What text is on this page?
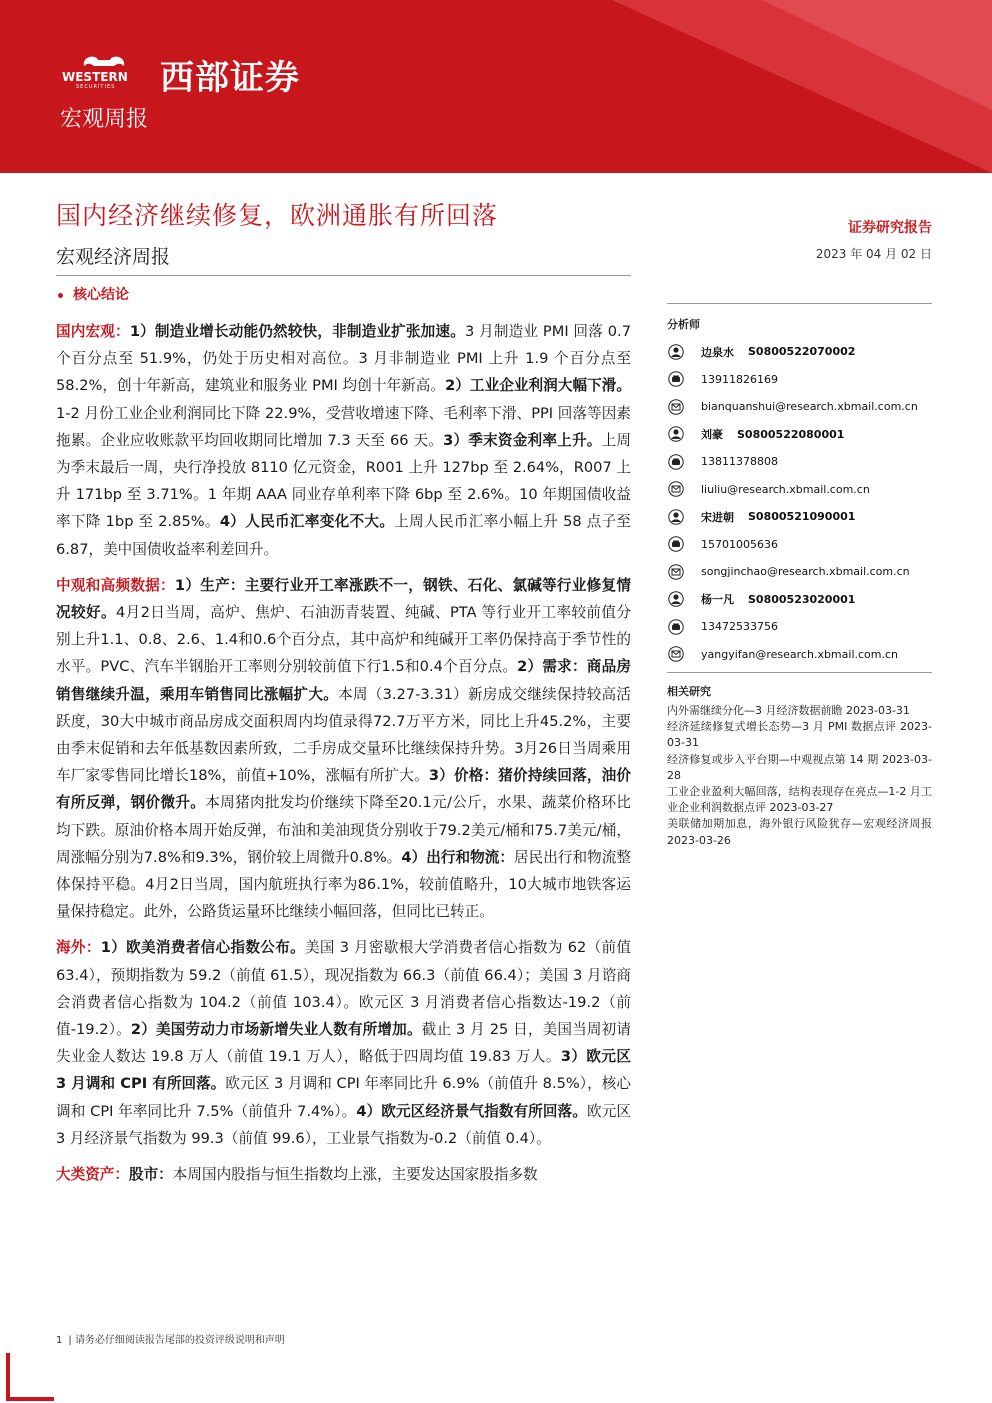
WESTERN
SECURITIES 西部证券
宏观周报
国内经济继续修复，欧洲通胀有所回落
宏观经济周报
证券研究报告
2023 年 04 月 02 日
核心结论

国内宏观：1）制造业增长动能仍然较快，非制造业扩张加速。3 月制造业 PMI 回落 0.7 个百分点至 51.9%，仍处于历史相对高位。3 月非制造业 PMI 上升 1.9 个百分点至 58.2%，创十年新高，建筑业和服务业 PMI 均创十年新高。2）工业企业利润大幅下滑。1-2 月份工业企业利润同比下降 22.9%，受营收增速下降、毛利率下滑、PPI 回落等因素拖累。企业应收账款平均回收期同比增加 7.3 天至 66 天。3）季末资金利率上升。上周为季末最后一周，央行净投放 8110 亿元资金，R001 上升 127bp 至 2.64%，R007 上升 171bp 至 3.71%。1 年期 AAA 同业存单利率下降 6bp 至 2.6%。10 年期国债收益率下降 1bp 至 2.85%。4）人民币汇率变化不大。上周人民币汇率小幅上升 58 点子至 6.87，美中国债收益率利差回升。

中观和高频数据：1）生产：主要行业开工率涨跌不一，钢铁、石化、氯碱等行业修复情况较好。4月2日当周，高炉、焦炉、石油沥青装置、纯碱、PTA 等行业开工率较前值分别上升1.1、0.8、2.6、1.4和0.6个百分点，其中高炉和纯碱开工率仍保持高于季节性的水平。PVC、汽车半钢胎开工率则分别较前值下行1.5和0.4个百分点。2）需求：商品房销售继续升温，乘用车销售同比涨幅扩大。本周（3.27-3.31）新房成交继续保持较高活跃度，30大中城市商品房成交面积周内均值录得72.7万平方米，同比上升45.2%，主要由季末促销和去年低基数因素所致，二手房成交量环比继续保持升势。3月26日当周乘用车厂家零售同比增长18%，前值+10%，涨幅有所扩大。3）价格：猪价持续回落，油价有所反弹，钢价微升。本周猪肉批发均价继续下降至20.1元/公斤，水果、蔬菜价格环比均下跌。原油价格本周开始反弹，布油和美油现货分别收于79.2美元/桶和75.7美元/桶，周涨幅分别为7.8%和9.3%，钢价较上周微升0.8%。4）出行和物流：居民出行和物流整体保持平稳。4月2日当周，国内航班执行率为86.1%，较前值略升，10大城市地铁客运量保持稳定。此外，公路货运量环比继续小幅回落，但同比已转正。

海外：1）欧美消费者信心指数公布。美国 3 月密歇根大学消费者信心指数为 62（前值 63.4），预期指数为 59.2（前值 61.5），现况指数为 66.3（前值 66.4）；美国 3 月谘商会消费者信心指数为 104.2（前值 103.4）。欧元区 3 月消费者信心指数达-19.2（前值-19.2）。2）美国劳动力市场新增失业人数有所增加。截止 3 月 25 日，美国当周初请失业金人数达 19.8 万人（前值 19.1 万人），略低于四周均值 19.83 万人。3）欧元区 3 月调和 CPI 有所回落。欧元区 3 月调和 CPI 年率同比升 6.9%（前值升 8.5%），核心调和 CPI 年率同比升 7.5%（前值升 7.4%）。4）欧元区经济景气指数有所回落。欧元区 3 月经济景气指数为 99.3（前值 99.6），工业景气指数为-0.2（前值 0.4）。

大类资产：股市：本周国内股指与恒生指数均上涨，主要发达国家股指多数

1 | 请务必仔细阅读报告尾部的投资评级说明和声明
分析师
边泉水 S0800522070002
13911826169
bianquanshui@research.xbmail.com.cn
刘豪 S0800522080001
13811378808
liuliu@research.xbmail.com.cn
宋进朝 S0800521090001
15701005636
songjinchao@research.xbmail.com.cn
杨一凡 S0800523020001
13472533756
yangyifan@research.xbmail.com.cn
相关研究
内外需继续分化—3 月经济数据前瞻 2023-03-31
经济延续修复式增长态势—3 月 PMI 数据点评 2023-03-31
经济修复或步入平台期—中观视点第 14 期 2023-03-28
工业企业盈利大幅回落，结构表现存在亮点—1-2 月工业企业利润数据点评 2023-03-27
美联储加期加息，海外银行风险犹存—宏观经济周报 2023-03-26
